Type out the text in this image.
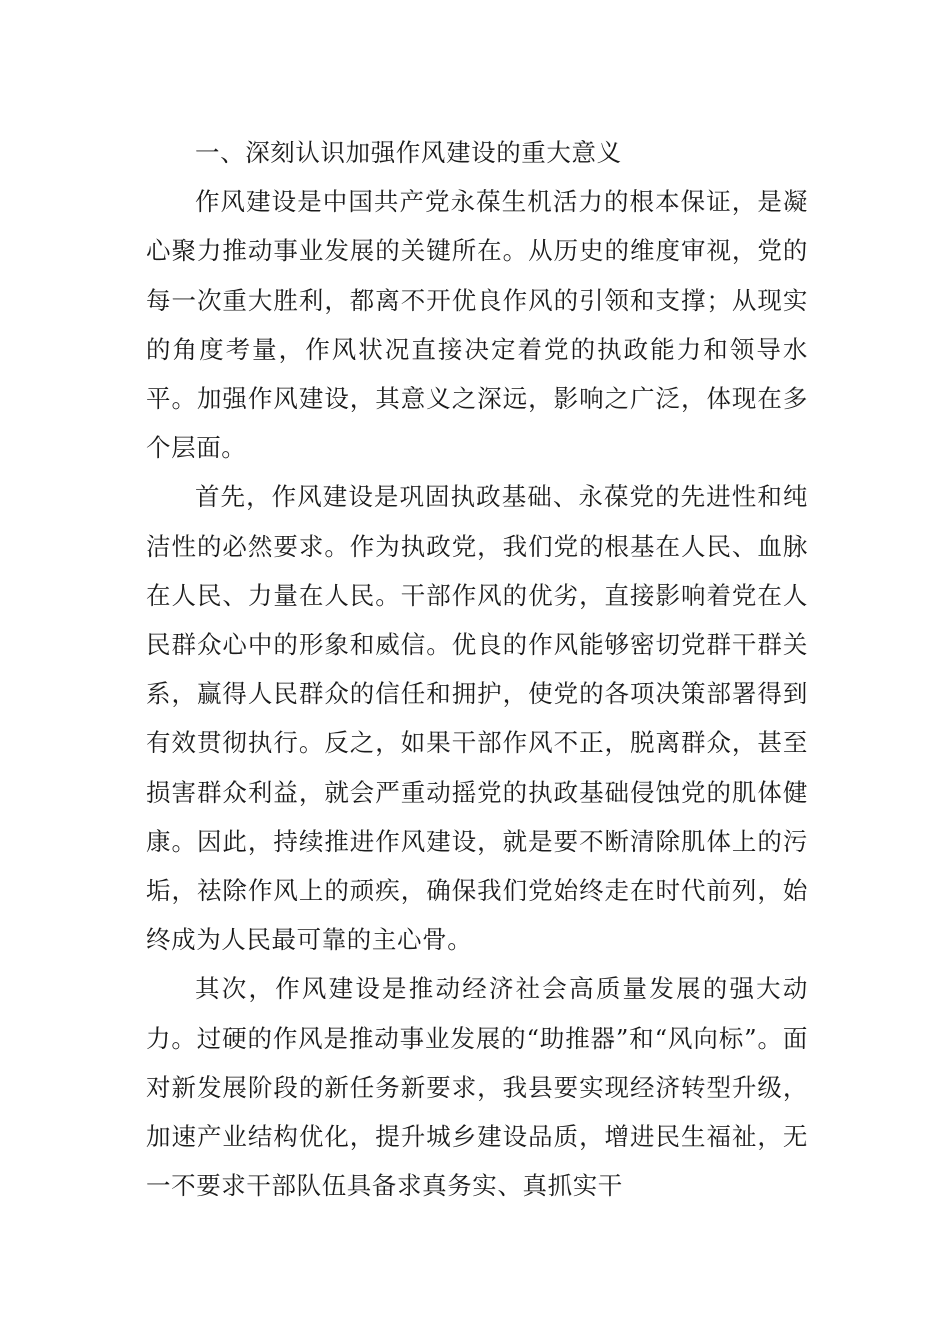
一、深刻认识加强作风建设的重大意义

作风建设是中国共产党永葆生机活力的根本保证，是凝心聚力推动事业发展的关键所在。从历史的维度审视，党的每一次重大胜利，都离不开优良作风的引领和支撑；从现实的角度考量，作风状况直接决定着党的执政能力和领导水平。加强作风建设，其意义之深远，影响之广泛，体现在多个层面。

首先，作风建设是巩固执政基础、永葆党的先进性和纯洁性的必然要求。作为执政党，我们党的根基在人民、血脉在人民、力量在人民。干部作风的优劣，直接影响着党在人民群众心中的形象和威信。优良的作风能够密切党群干群关系，赢得人民群众的信任和拥护，使党的各项决策部署得到有效贯彻执行。反之，如果干部作风不正，脱离群众，甚至损害群众利益，就会严重动摇党的执政基础侵蚀党的肌体健康。因此，持续推进作风建设，就是要不断清除肌体上的污垢，祛除作风上的顽疾，确保我们党始终走在时代前列，始终成为人民最可靠的主心骨。

其次，作风建设是推动经济社会高质量发展的强大动力。过硬的作风是推动事业发展的“助推器”和“风向标”。面对新发展阶段的新任务新要求，我县要实现经济转型升级，加速产业结构优化，提升城乡建设品质，增进民生福祉，无一不要求干部队伍具备求真务实、真抓实干
